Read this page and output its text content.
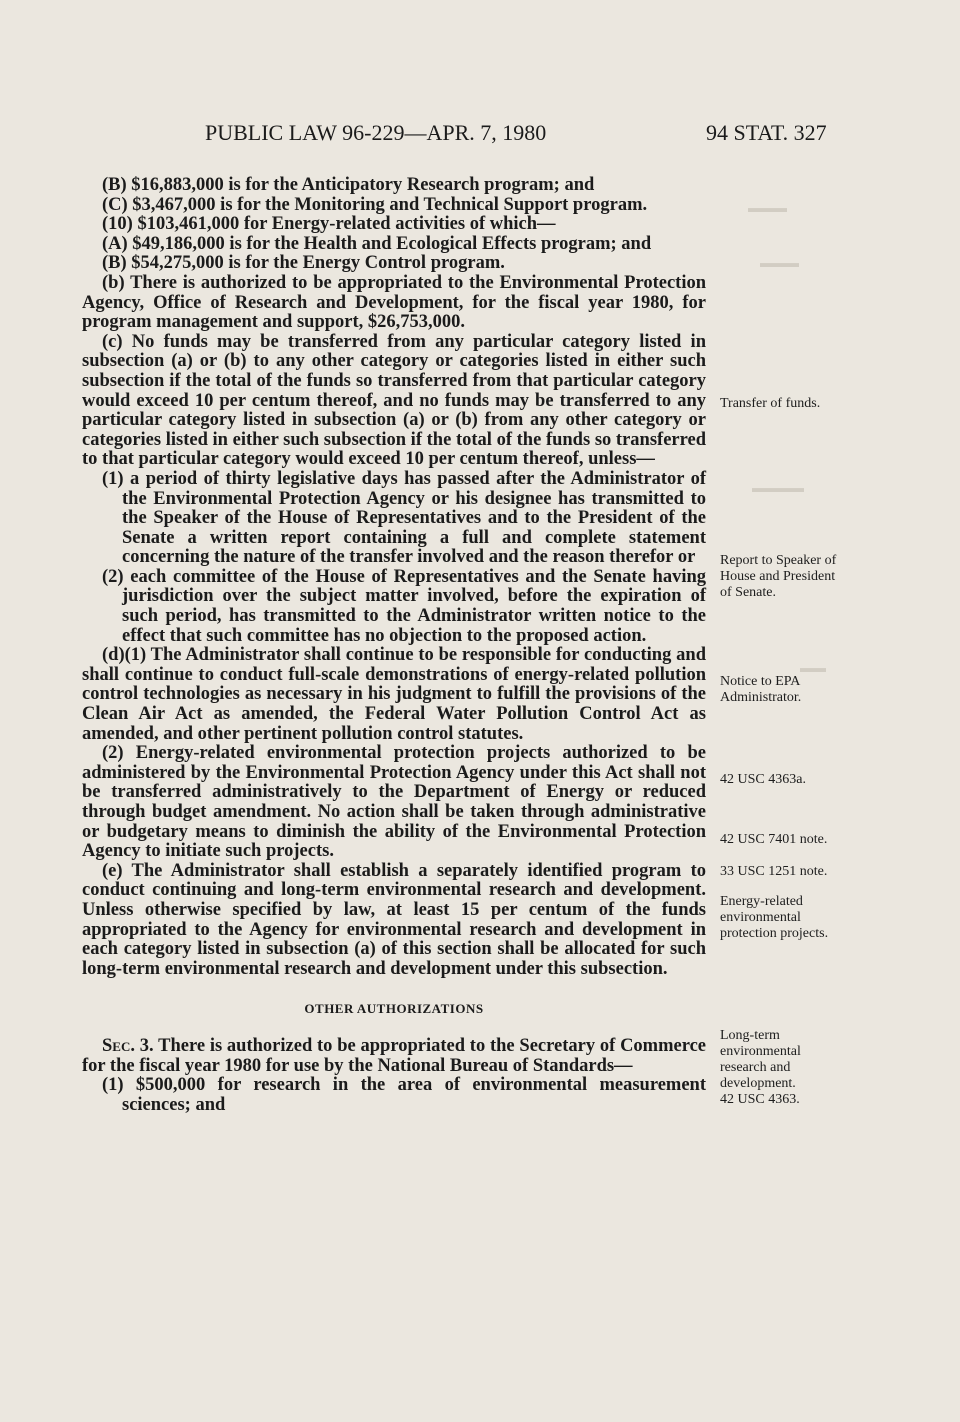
PUBLIC LAW 96-229—APR. 7, 1980	94 STAT. 327

(B) $16,883,000 is for the Anticipatory Research program; and

(C) $3,467,000 is for the Monitoring and Technical Support program.

(10) $103,461,000 for Energy-related activities of which—

(A) $49,186,000 is for the Health and Ecological Effects program; and

(B) $54,275,000 is for the Energy Control program.

(b) There is authorized to be appropriated to the Environmental Protection Agency, Office of Research and Development, for the fiscal year 1980, for program management and support, $26,753,000.

(c) No funds may be transferred from any particular category listed in subsection (a) or (b) to any other category or categories listed in either such subsection if the total of the funds so transferred from that particular category would exceed 10 per centum thereof, and no funds may be transferred to any particular category listed in subsection (a) or (b) from any other category or categories listed in either such subsection if the total of the funds so transferred to that particular category would exceed 10 per centum thereof, unless—

(1) a period of thirty legislative days has passed after the Administrator of the Environmental Protection Agency or his designee has transmitted to the Speaker of the House of Representatives and to the President of the Senate a written report containing a full and complete statement concerning the nature of the transfer involved and the reason therefor or

(2) each committee of the House of Representatives and the Senate having jurisdiction over the subject matter involved, before the expiration of such period, has transmitted to the Administrator written notice to the effect that such committee has no objection to the proposed action.

(d)(1) The Administrator shall continue to be responsible for conducting and shall continue to conduct full-scale demonstrations of energy-related pollution control technologies as necessary in his judgment to fulfill the provisions of the Clean Air Act as amended, the Federal Water Pollution Control Act as amended, and other pertinent pollution control statutes.

(2) Energy-related environmental protection projects authorized to be administered by the Environmental Protection Agency under this Act shall not be transferred administratively to the Department of Energy or reduced through budget amendment. No action shall be taken through administrative or budgetary means to diminish the ability of the Environmental Protection Agency to initiate such projects.

(e) The Administrator shall establish a separately identified program to conduct continuing and long-term environmental research and development. Unless otherwise specified by law, at least 15 per centum of the funds appropriated to the Agency for environmental research and development in each category listed in subsection (a) of this section shall be allocated for such long-term environmental research and development under this subsection.

OTHER AUTHORIZATIONS

Sec. 3. There is authorized to be appropriated to the Secretary of Commerce for the fiscal year 1980 for use by the National Bureau of Standards—

(1) $500,000 for research in the area of environmental measurement sciences; and

Transfer of funds.
Report to Speaker of House and President of Senate.
Notice to EPA Administrator.
42 USC 4363a.
42 USC 7401 note.
33 USC 1251 note.
Energy-related environmental protection projects.
Long-term environmental research and development.
42 USC 4363.
▬▬▬
▬▬▬
▬▬▬▬
▬▬
